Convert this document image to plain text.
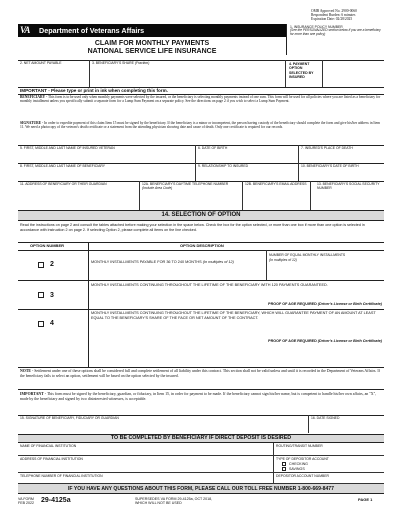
OMB Approved No. 2900-0060
Respondent Burden: 6 minutes
Expiration Date: 02/28/2025
VA	Department of Veterans Affairs	1. INSURANCE POLICY NUMBER
(See the PERSONALIZED section below if you are a beneficiary for more than one policy)
CLAIM FOR MONTHLY PAYMENTS
NATIONAL SERVICE LIFE INSURANCE
2. NET AMOUNT PAYABLE	3. BENEFICIARY'S SHARE (Fraction)	4. PAYMENT OPTION SELECTED BY INSURED
IMPORTANT - Please type or print in ink when completing this form.
BENEFICIARY - This form is to be used only when monthly payments were selected by the insured, or the beneficiary is selecting monthly payments instead of one sum. This form will be used for all policies where you are listed as a beneficiary for monthly installment unless you specifically submit a separate form for a Lump Sum Payment on a separate policy. See the directions on page 2 if you wish to select a Lump Sum Payment.
SIGNATURE - In order to expedite payment of this claim Item 15 must be signed by the beneficiary. If the beneficiary is a minor or incompetent, the person having custody of the beneficiary should complete the form and give his/her address in Item 11. We need a photocopy of the veteran's death certificate or a statement from the attending physician showing date and cause of death. Only one certificate is required for our records.
5. FIRST, MIDDLE AND LAST NAME OF INSURED VETERAN	6. DATE OF BIRTH	7. INSURED'S PLACE OF DEATH
8. FIRST, MIDDLE AND LAST NAME OF BENEFICIARY	9. RELATIONSHIP TO INSURED	10. BENEFICIARY'S DATE OF BIRTH
11. ADDRESS OF BENEFICIARY OR THEIR GUARDIAN	12A. BENEFICIARY'S DAYTIME TELEPHONE NUMBER (Include Area Code)
12B. BENEFICIARY'S EMAIL ADDRESS	13. BENEFICIARY'S SOCIAL SECURITY NUMBER
14. SELECTION OF OPTION
Read the instructions on page 2 and consult the tables attached before making your selection in the space below. Check the box for the option selected, or more than one box if more than one option is selected in accordance with instruction 2 on page 2. If selecting Option 2, please complete all items on the line checked.
OPTION NUMBER	OPTION DESCRIPTION
2	MONTHLY INSTALLMENTS PAYABLE FOR 36 TO 240 MONTHS (In multiples of 12)
NUMBER OF EQUAL MONTHLY INSTALLMENTS
(In multiples of 12)
3
MONTHLY INSTALLMENTS CONTINUING THROUGHOUT THE LIFETIME OF THE BENEFICIARY WITH 120 PAYMENTS GUARANTEED.
PROOF OF AGE REQUIRED (Driver's License or Birth Certificate)
4
MONTHLY INSTALLMENTS CONTINUING THROUGHOUT THE LIFETIME OF THE BENEFICIARY, WHICH WILL GUARANTEE PAYMENT OF AN AMOUNT AT LEAST EQUAL TO THE BENEFICIARY'S SHARE OF THE FACE OR NET AMOUNT OF THE CONTRACT.
PROOF OF AGE REQUIRED (Driver's License or Birth Certificate)
NOTE - Settlement under one of these options shall be considered full and complete settlement of all liability under this contract. This section shall not be valid unless and until it is recorded in the Department of Veterans Affairs. If the beneficiary fails to select an option, settlement will be based on the option selected by the insured.
IMPORTANT - This form must be signed by the beneficiary, guardian, or fiduciary, in Item 15, in order for payment to be made. If the beneficiary cannot sign his/her name, but is competent to handle his/her own affairs, an "X", made by the beneficiary and signed by two disinterested witnesses, is acceptable.
15. SIGNATURE OF BENEFICIARY, FIDUCIARY OR GUARDIAN	16. DATE SIGNED
TO BE COMPLETED BY BENEFICIARY IF DIRECT DEPOSIT IS DESIRED
NAME OF FINANCIAL INSTITUTION	ROUTING/TRANSIT NUMBER
ADDRESS OF FINANCIAL INSTITUTION	TYPE OF DEPOSITOR ACCOUNT
CHECKING
SAVINGS
TELEPHONE NUMBER OF FINANCIAL INSTITUTION	DEPOSITOR ACCOUNT NUMBER
IF YOU HAVE ANY QUESTIONS ABOUT THIS FORM, PLEASE CALL OUR TOLL FREE NUMBER 1-800-669-8477
VA FORM
FEB 2022 29-4125a	SUPERSEDES VA FORM 29-4125a, OCT 2018,
WHICH WILL NOT BE USED
PAGE 1
